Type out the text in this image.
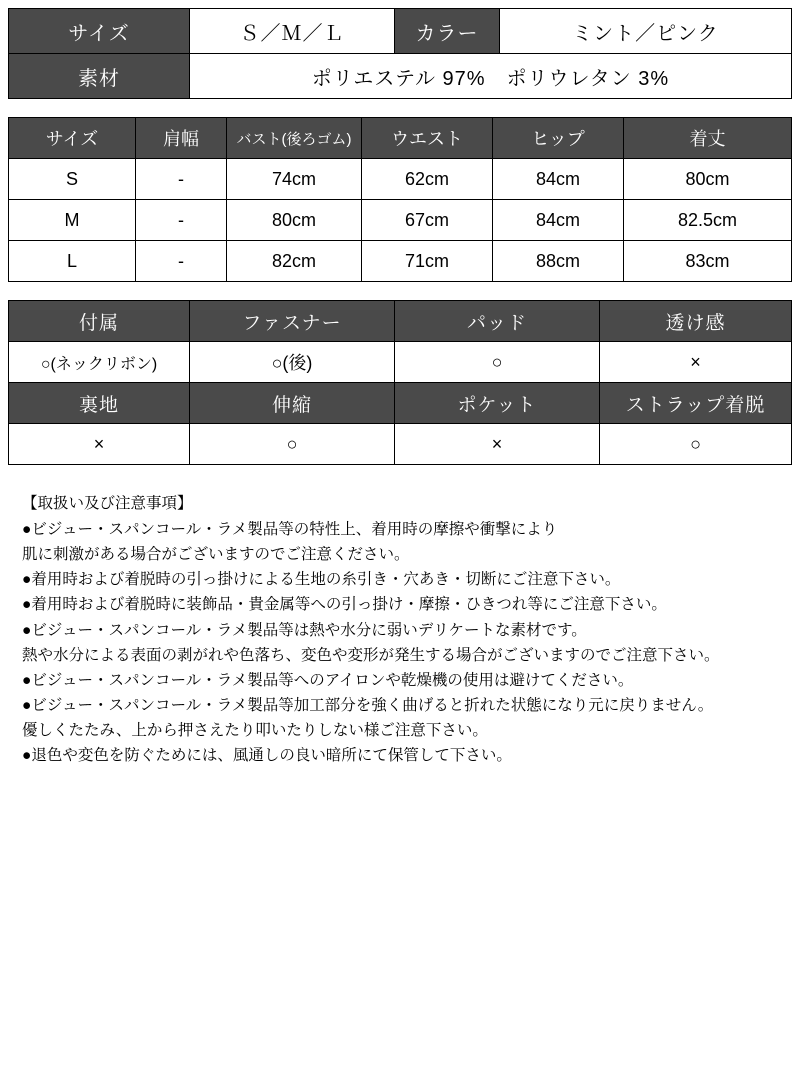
サイズ	Ｓ／Ｍ／Ｌ	カラー	ミント／ピンク
素材	ポリエステル 97%　ポリウレタン 3%		
サイズ	肩幅	バスト(後ろゴム)	ウエスト	ヒップ	着丈
S	-	74cm	62cm	84cm	80cm
M	-	80cm	67cm	84cm	82.5cm
L	-	82cm	71cm	88cm	83cm
付属	ファスナー	パッド	透け感
○(ネックリボン)	○(後)	○	×
裏地	伸縮	ポケット	ストラップ着脱
×	○	×	○

【取扱い及び注意事項】

●ビジュー・スパンコール・ラメ製品等の特性上、着用時の摩擦や衝撃により

肌に刺激がある場合がございますのでご注意ください。

●着用時および着脱時の引っ掛けによる生地の糸引き・穴あき・切断にご注意下さい。

●着用時および着脱時に装飾品・貴金属等への引っ掛け・摩擦・ひきつれ等にご注意下さい。

●ビジュー・スパンコール・ラメ製品等は熱や水分に弱いデリケートな素材です。

熱や水分による表面の剥がれや色落ち、変色や変形が発生する場合がございますのでご注意下さい。

●ビジュー・スパンコール・ラメ製品等へのアイロンや乾燥機の使用は避けてください。

●ビジュー・スパンコール・ラメ製品等加工部分を強く曲げると折れた状態になり元に戻りません。

優しくたたみ、上から押さえたり叩いたりしない様ご注意下さい。

●退色や変色を防ぐためには、風通しの良い暗所にて保管して下さい。
